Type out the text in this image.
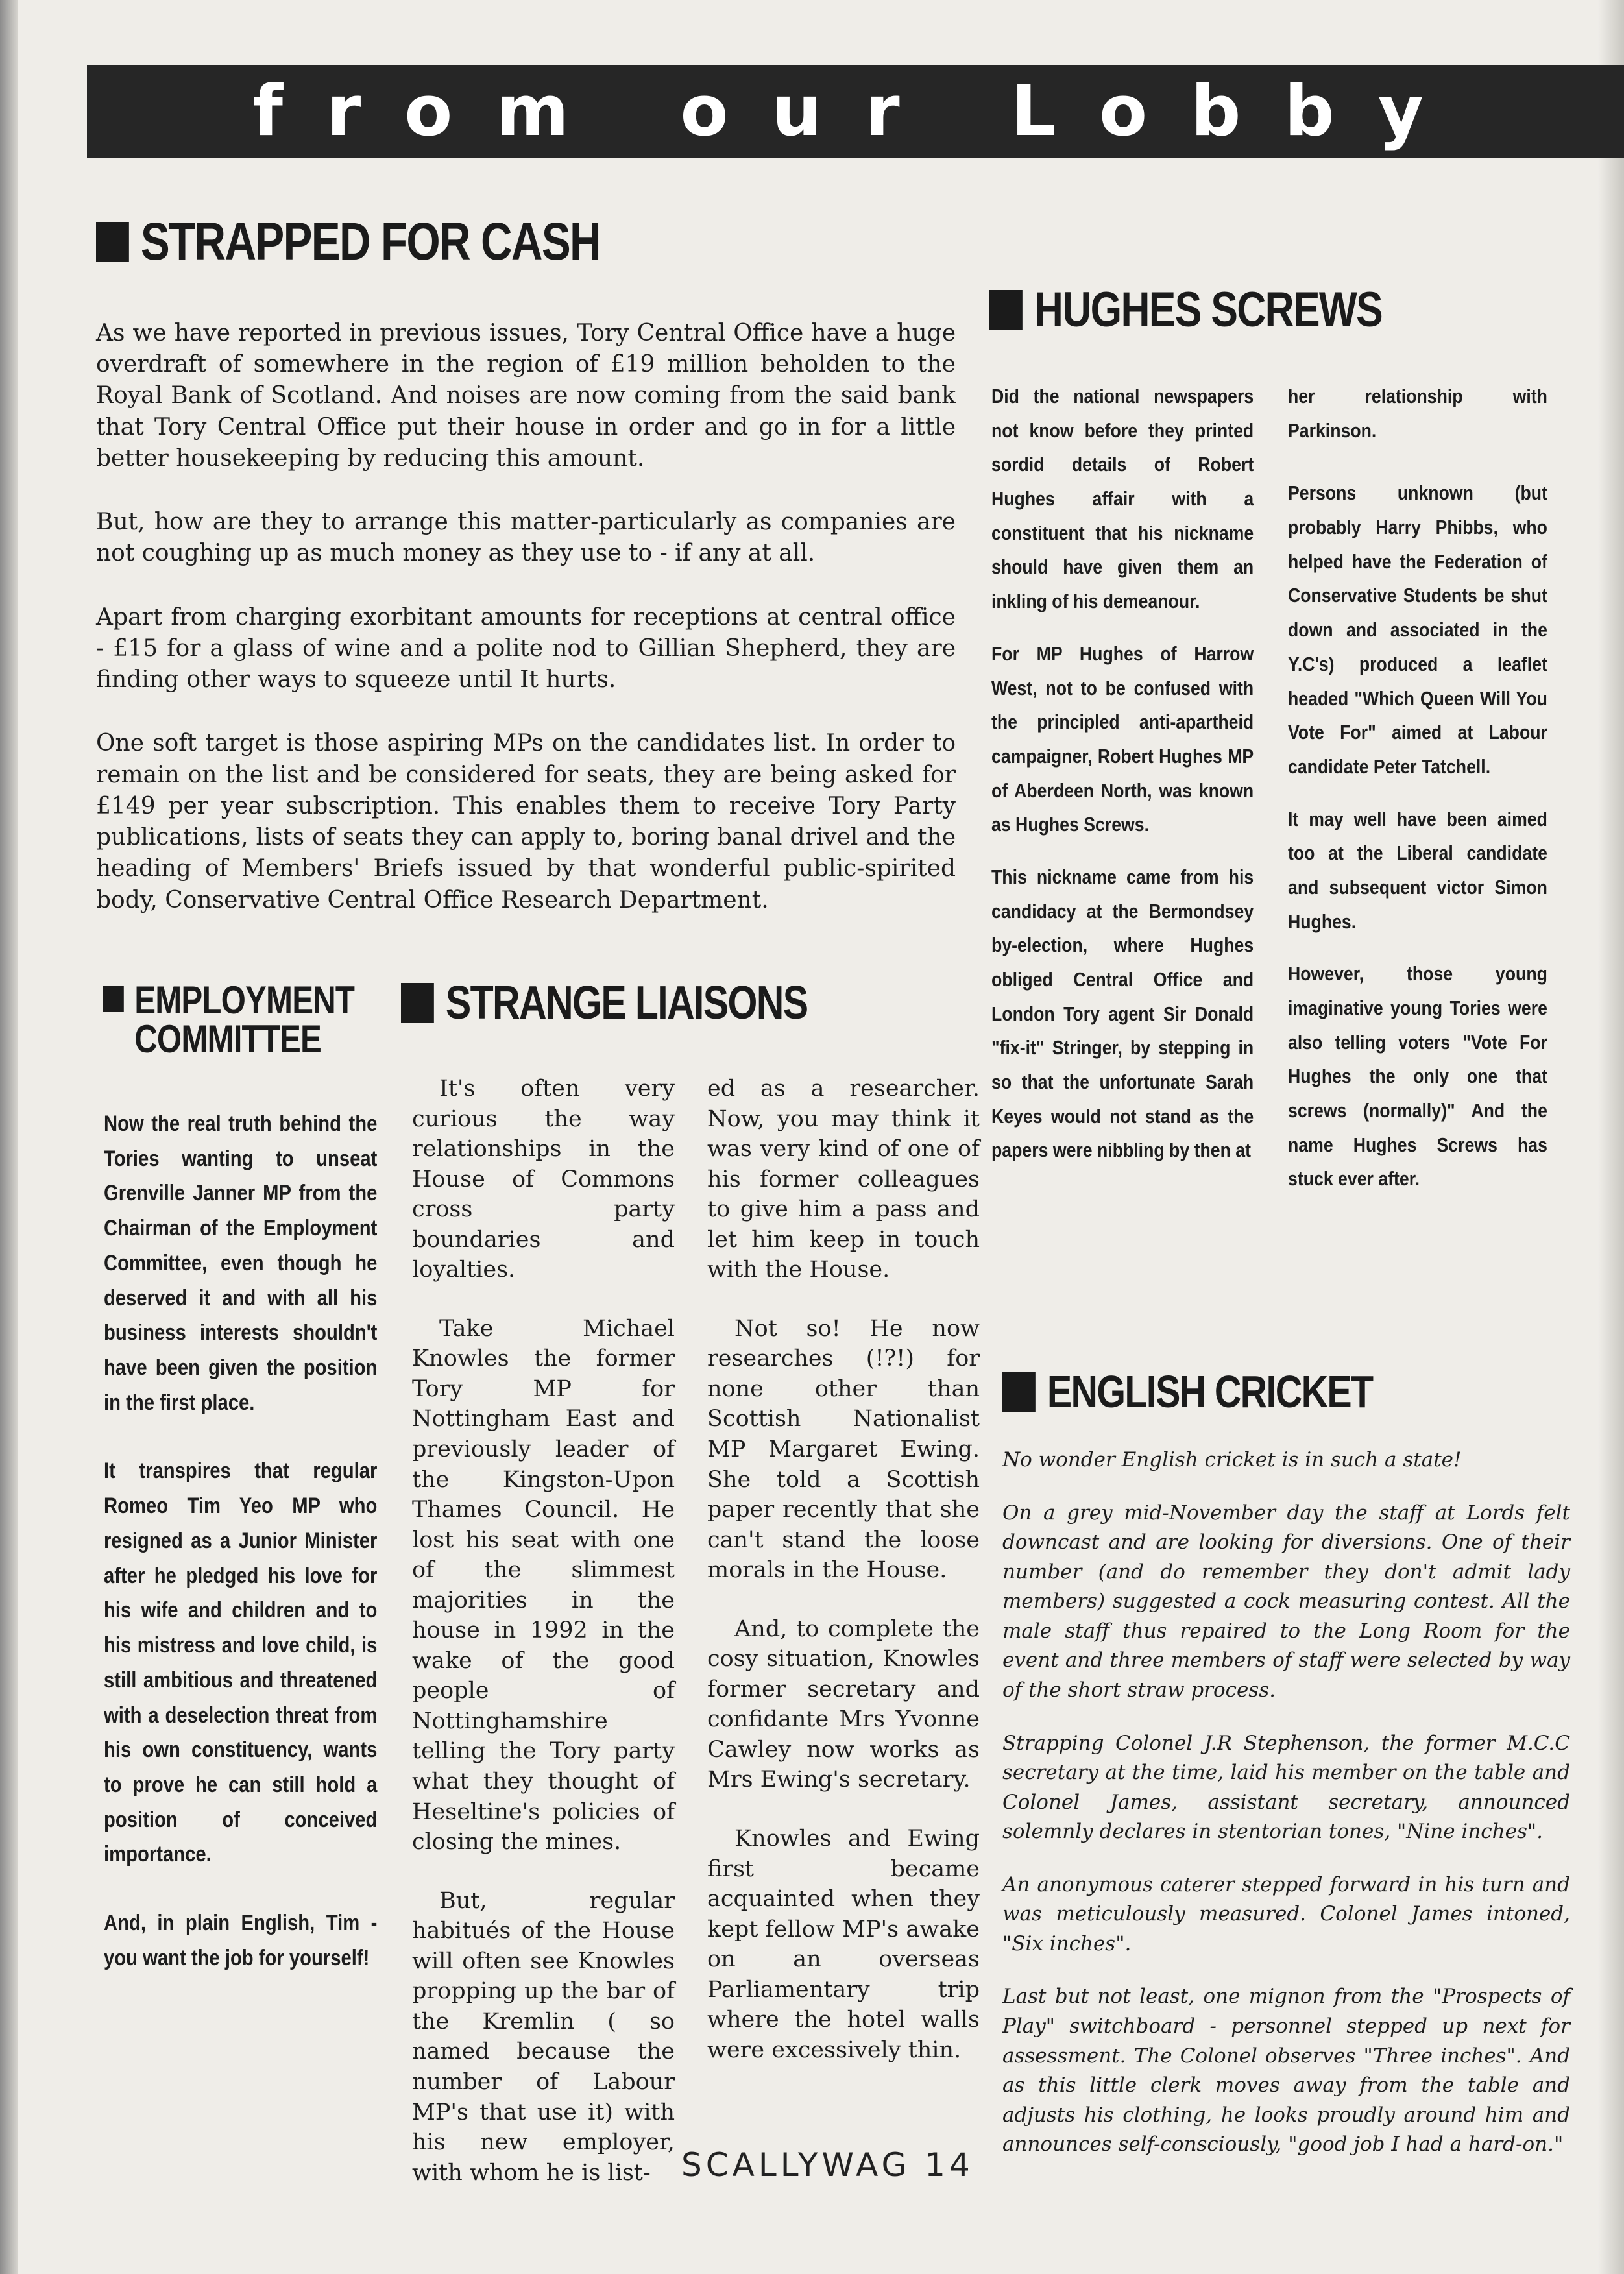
from our Lobby
STRAPPED FOR CASH

As we have reported in previous issues, Tory Central Office have a huge overdraft of somewhere in the region of £19 million beholden to the Royal Bank of Scotland. And noises are now coming from the said bank that Tory Central Office put their house in order and go in for a little better housekeeping by reducing this amount.

But, how are they to arrange this matter-particularly as companies are not coughing up as much money as they use to - if any at all.

Apart from charging exorbitant amounts for receptions at central office - £15 for a glass of wine and a polite nod to Gillian Shepherd, they are finding other ways to squeeze until It hurts.

One soft target is those aspiring MPs on the candidates list. In order to remain on the list and be considered for seats, they are being asked for £149 per year subscription. This enables them to receive Tory Party publications, lists of seats they can apply to, boring banal drivel and the heading of Members' Briefs issued by that wonderful public-spirited body, Conservative Central Office Research Department.

EMPLOYMENT COMMITTEE

Now the real truth behind the Tories wanting to unseat Grenville Janner MP from the Chairman of the Employment Committee, even though he deserved it and with all his business interests shouldn't have been given the position in the first place.

It transpires that regular Romeo Tim Yeo MP who resigned as a Junior Minister after he pledged his love for his wife and children and to his mistress and love child, is still ambitious and threatened with a deselection threat from his own constituency, wants to prove he can still hold a position of conceived importance.

And, in plain English, Tim - you want the job for yourself!

STRANGE LIAISONS

It's often very curious the way relationships in the House of Commons cross party boundaries and loyalties.

Take Michael Knowles the former Tory MP for Nottingham East and previously leader of the Kingston-Upon Thames Council. He lost his seat with one of the slimmest majorities in the house in 1992 in the wake of the good people of Nottinghamshire telling the Tory party what they thought of Heseltine's policies of closing the mines.

But, regular habitués of the House will often see Knowles propping up the bar of the Kremlin ( so named because the number of Labour MP's that use it) with his new employer, with whom he is list-

ed as a researcher. Now, you may think it was very kind of one of his former colleagues to give him a pass and let him keep in touch with the House.

Not so! He now researches (!?!) for none other than Scottish Nationalist MP Margaret Ewing. She told a Scottish paper recently that she can't stand the loose morals in the House.

And, to complete the cosy situation, Knowles former secretary and confidante Mrs Yvonne Cawley now works as Mrs Ewing's secretary.

Knowles and Ewing first became acquainted when they kept fellow MP's awake on an overseas Parliamentary trip where the hotel walls were excessively thin.

HUGHES SCREWS

Did the national newspapers not know before they printed sordid details of Robert Hughes affair with a constituent that his nickname should have given them an inkling of his demeanour.

For MP Hughes of Harrow West, not to be confused with the principled anti-apartheid campaigner, Robert Hughes MP of Aberdeen North, was known as Hughes Screws.

This nickname came from his candidacy at the Bermondsey by-election, where Hughes obliged Central Office and London Tory agent Sir Donald "fix-it" Stringer, by stepping in so that the unfortunate Sarah Keyes would not stand as the papers were nibbling by then at

her relationship with Parkinson.

Persons unknown (but probably Harry Phibbs, who helped have the Federation of Conservative Students be shut down and associated in the Y.C's) produced a leaflet headed "Which Queen Will You Vote For" aimed at Labour candidate Peter Tatchell.

It may well have been aimed too at the Liberal candidate and subsequent victor Simon Hughes.

However, those young imaginative young Tories were also telling voters "Vote For Hughes the only one that screws (normally)" And the name Hughes Screws has stuck ever after.

ENGLISH CRICKET

No wonder English cricket is in such a state!

On a grey mid-November day the staff at Lords felt downcast and are looking for diversions. One of their number (and do remember they don't admit lady members) suggested a cock measuring contest. All the male staff thus repaired to the Long Room for the event and three members of staff were selected by way of the short straw process.

Strapping Colonel J.R Stephenson, the former M.C.C secretary at the time, laid his member on the table and Colonel James, assistant secretary, announced solemnly declares in stentorian tones, "Nine inches".

An anonymous caterer stepped forward in his turn and was meticulously measured. Colonel James intoned, "Six inches".

Last but not least, one mignon from the "Prospects of Play" switchboard - personnel stepped up next for assessment. The Colonel observes "Three inches". And as this little clerk moves away from the table and adjusts his clothing, he looks proudly around him and announces self-consciously, "good job I had a hard-on."

SCALLYWAG 14
